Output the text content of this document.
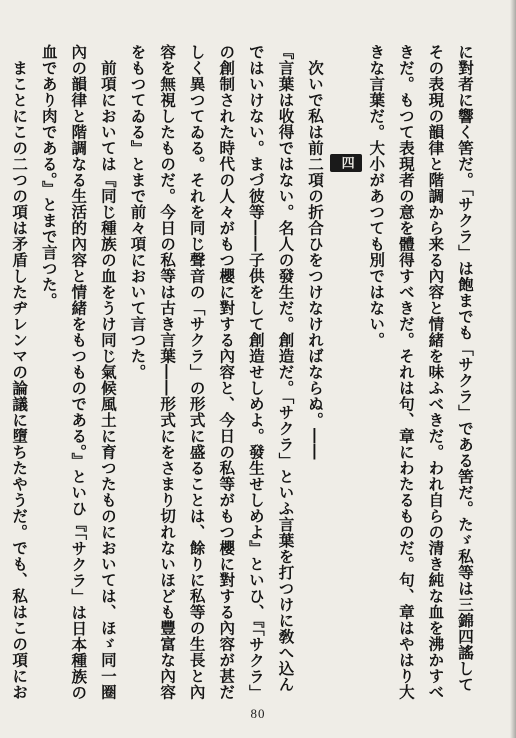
に對者に響く筈だ。「サクラ」は飽までも「サクラ」である筈だ。たゞ私等は三錦四謠してその表現の韻律と階調から来る內容と情緒を味ふべきだ。われ自らの清き純な血を沸かすべきだ。もつて表現者の意を體得すべきだ。それは句、章にわたるものだ。句、章はやはり大きな言葉だ。大小があつても別ではない。

四

次いで私は前二項の折合ひをつけなければならぬ。――

『言葉は收得ではない。名人の發生だ。創造だ。「サクラ」といふ言葉を打つけに敎へ込んではいけない。まづ彼等――子供をして創造せしめよ。發生せしめよ』といひ、『「サクラ」の創制された時代の人々がもつ櫻に對する內容と、今日の私等がもつ櫻に對する內容が甚だしく異つてゐる。それを同じ聲音の「サクラ」の形式に盛ることは、餘りに私等の生長と內容を無視したものだ。今日の私等は古き言葉――形式にをさまり切れないほども豐富な內容をもつてゐる』とまで前々項において言つた。

前項においては『同じ種族の血をうけ同じ氣候風土に育つたものにおいては、ほゞ同一圈內の韻律と階調なる生活的內容と情緒をもつものである。』といひ『「サクラ」は日本種族の血であり肉である。』とまで言つた。

まことにこの二つの項は矛盾したヂレンマの論議に墮ちたやうだ。でも、私はこの項にお

80
